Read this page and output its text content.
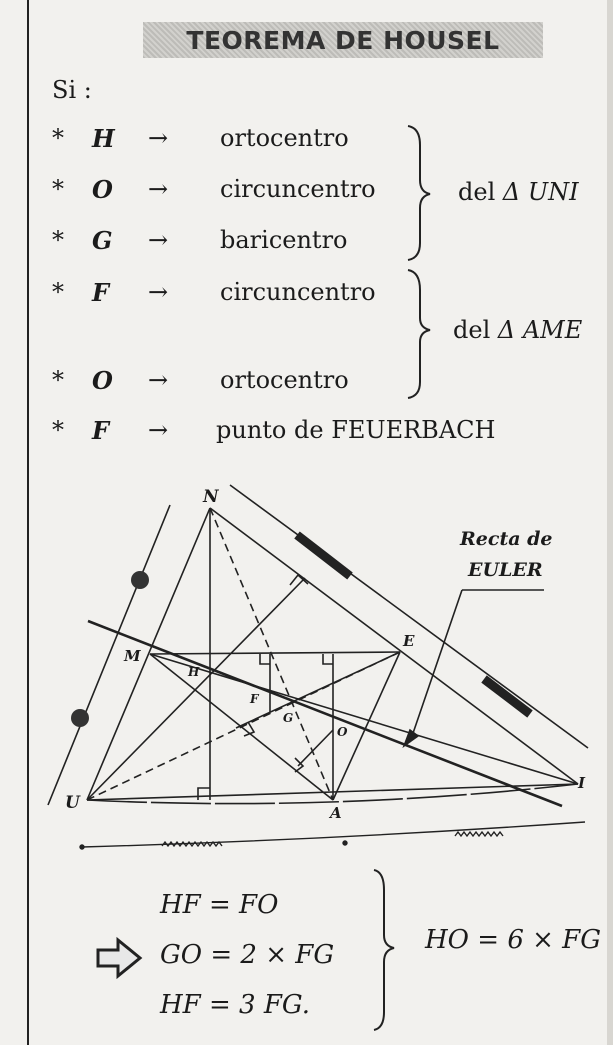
TEOREMA DE HOUSEL
Si :
* H → ortocentro
* O → circuncentro
* G → baricentro
* F → circuncentro
* O → ortocentro
* F → punto de FEUERBACH
del Δ UNI
del Δ AME
N
M
E
U	A
I
H
F
G
O
Recta de
EULER
HF = FO
GO = 2 × FG
HF = 3 FG.
HO = 6 × FG
